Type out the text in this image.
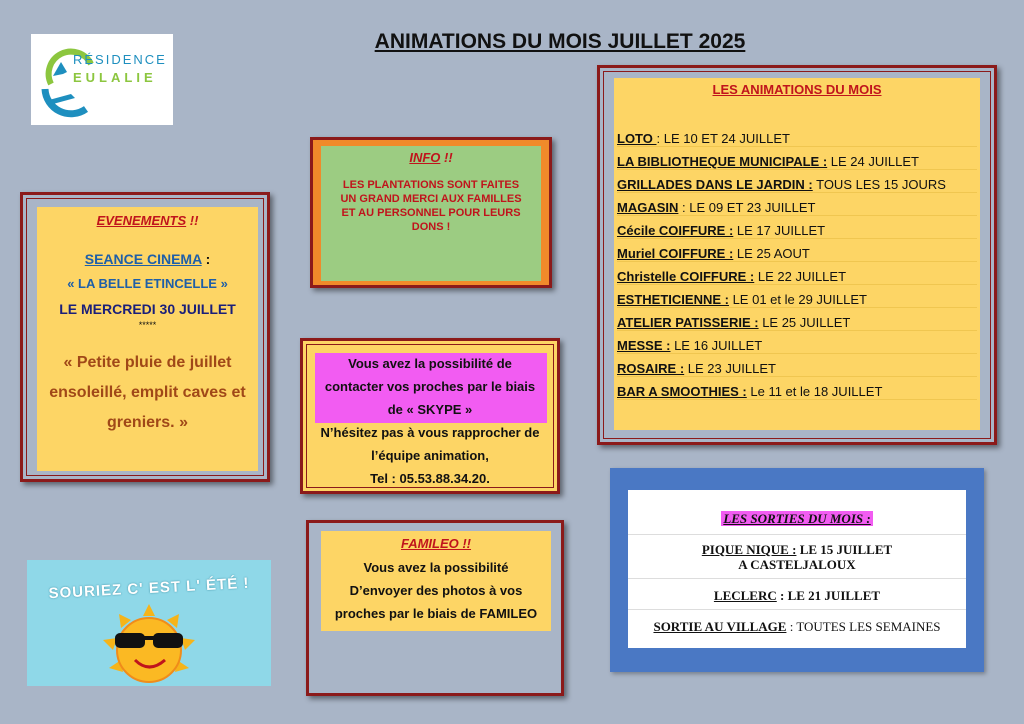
ANIMATIONS DU MOIS JUILLET 2025
RÉSIDENCE
EULALIE
EVENEMENTS !!
SEANCE CINEMA :
« LA BELLE ETINCELLE »
LE MERCREDI 30 JUILLET
*****
« Petite pluie de juillet
ensoleillé, emplit caves et
greniers. »
INFO !!
LES PLANTATIONS SONT FAITES
UN GRAND MERCI AUX FAMILLES
ET AU PERSONNEL POUR LEURS
DONS !
Vous avez la possibilité de
contacter vos proches par le biais
de « SKYPE »
N’hésitez pas à vous rapprocher de
l’équipe animation,
Tel : 05.53.88.34.20.
FAMILEO !!
Vous avez la possibilité
D’envoyer des photos à vos
proches par le biais de FAMILEO
LES ANIMATIONS DU MOIS
LOTO : LE 10 ET 24 JUILLET
LA BIBLIOTHEQUE MUNICIPALE : LE 24 JUILLET
GRILLADES DANS LE JARDIN : TOUS LES 15 JOURS
MAGASIN : LE 09 ET 23 JUILLET
Cécile COIFFURE : LE 17 JUILLET
Muriel COIFFURE : LE 25 AOUT
Christelle COIFFURE : LE 22 JUILLET
ESTHETICIENNE : LE 01 et le 29 JUILLET
ATELIER PATISSERIE : LE 25 JUILLET
MESSE : LE 16 JUILLET
ROSAIRE : LE 23 JUILLET
BAR A SMOOTHIES : Le 11 et le 18 JUILLET
LES SORTIES DU MOIS :
PIQUE NIQUE : LE 15 JUILLET
A CASTELJALOUX
LECLERC : LE 21 JUILLET
SORTIE AU VILLAGE : TOUTES LES SEMAINES
SOURIEZ C' EST L' ÉTÉ !
